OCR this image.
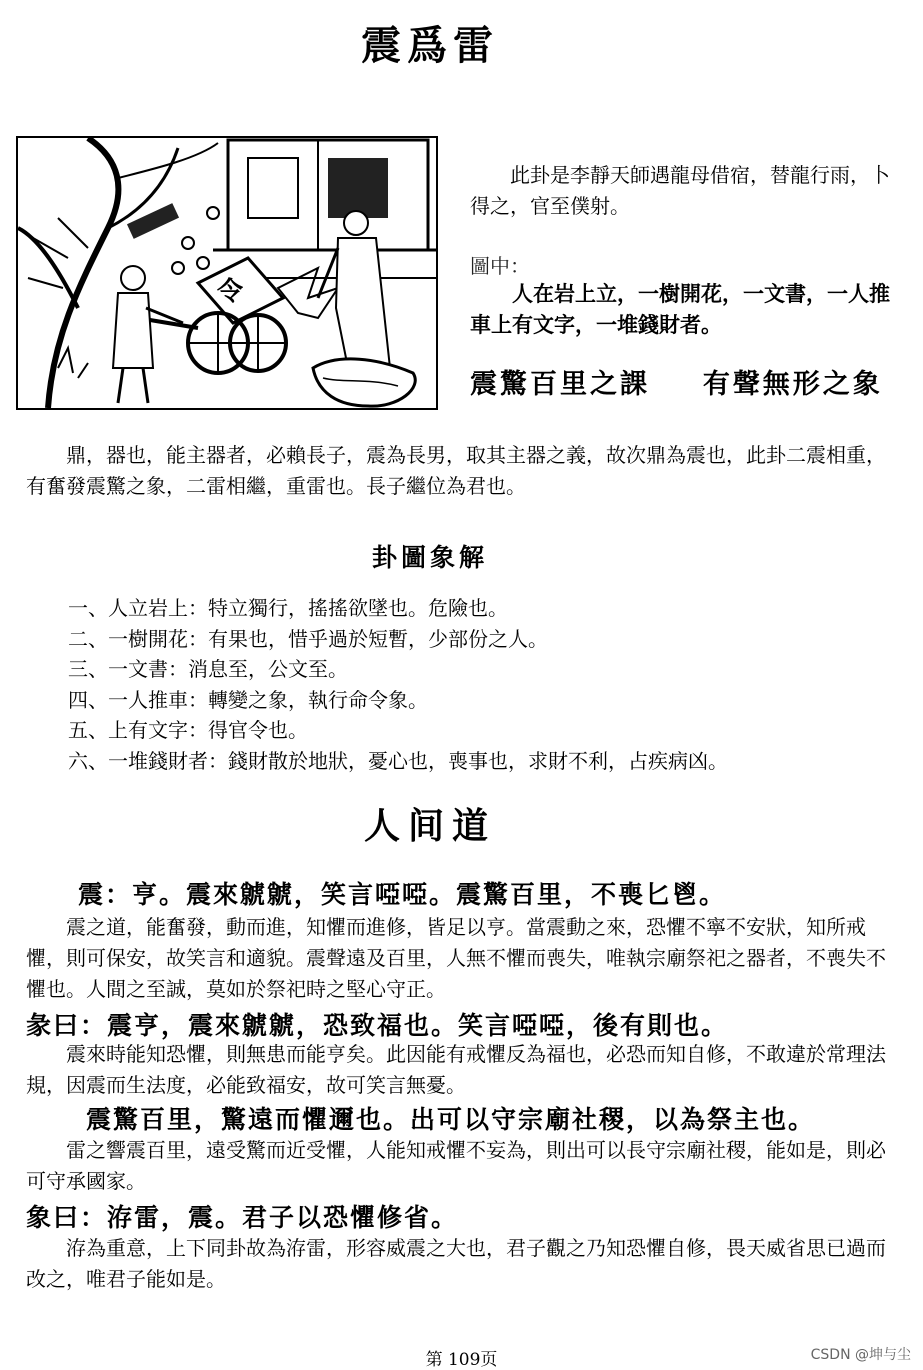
震爲雷
令

此卦是李靜天師遇龍母借宿，替龍行雨，卜得之，官至僕射。

圖中：
人在岩上立，一樹開花，一文書，一人推車上有文字，一堆錢財者。
震驚百里之課 有聲無形之象

鼎，器也，能主器者，必賴長子，震為長男，取其主器之義，故次鼎為震也，此卦二震相重，有奮發震驚之象，二雷相繼，重雷也。長子繼位為君也。

卦圖象解
一、人立岩上：特立獨行，搖搖欲墜也。危險也。
二、一樹開花：有果也，惜乎過於短暫，少部份之人。
三、一文書：消息至，公文至。
四、一人推車：轉變之象，執行命令象。
五、上有文字：得官令也。
六、一堆錢財者：錢財散於地狀，憂心也，喪事也，求財不利，占疾病凶。
人间道
震：亨。震來虩虩，笑言啞啞。震驚百里，不喪匕鬯。

震之道，能奮發，動而進，知懼而進修，皆足以亨。當震動之來，恐懼不寧不安狀，知所戒懼，則可保安，故笑言和適貌。震聲遠及百里，人無不懼而喪失，唯執宗廟祭祀之器者，不喪失不懼也。人間之至誠，莫如於祭祀時之堅心守正。

彖曰：震亨，震來虩虩，恐致福也。笑言啞啞，後有則也。

震來時能知恐懼，則無患而能亨矣。此因能有戒懼反為福也，必恐而知自修，不敢違於常理法規，因震而生法度，必能致福安，故可笑言無憂。

震驚百里，驚遠而懼邇也。出可以守宗廟社稷，以為祭主也。

雷之響震百里，遠受驚而近受懼，人能知戒懼不妄為，則出可以長守宗廟社稷，能如是，則必可守承國家。

象曰：洊雷，震。君子以恐懼修省。

洊為重意，上下同卦故為洊雷，形容威震之大也，君子觀之乃知恐懼自修，畏天威省思已過而改之，唯君子能如是。

第 109页	CSDN @坤与尘
